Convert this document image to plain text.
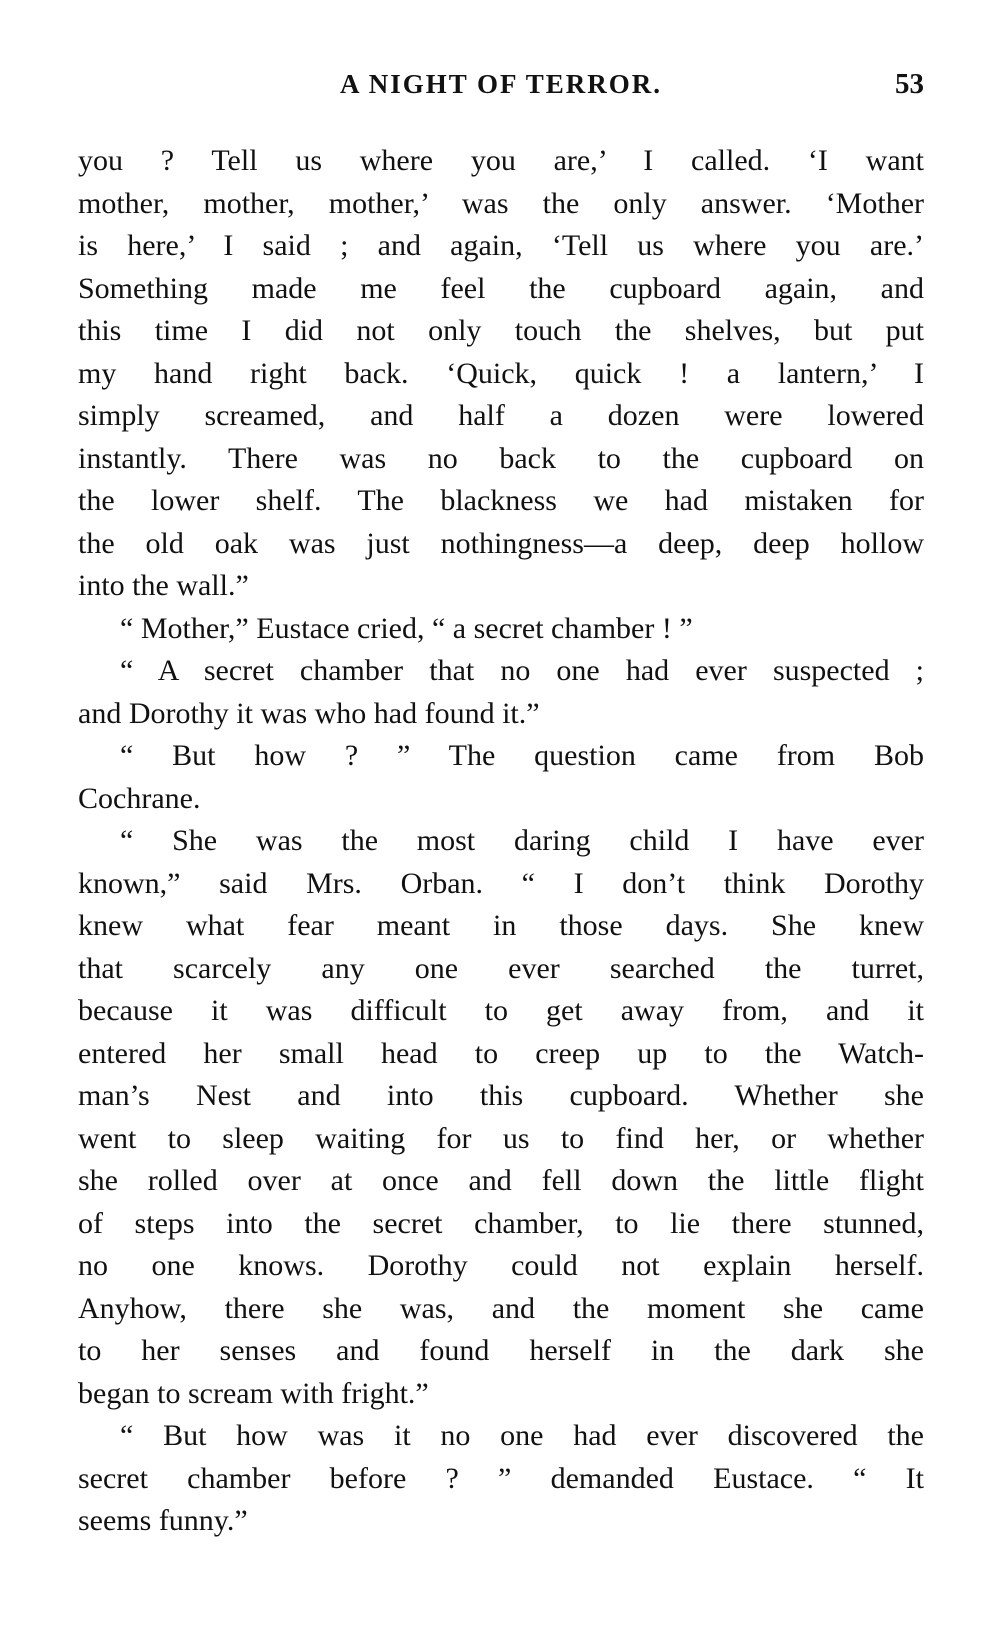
A NIGHT OF TERROR.	53
you ? Tell us where you are,’ I called. ‘I want
mother, mother, mother,’ was the only answer. ‘Mother
is here,’ I said ; and again, ‘Tell us where you are.’
Something made me feel the cupboard again, and
this time I did not only touch the shelves, but put
my hand right back. ‘Quick, quick ! a lantern,’ I
simply screamed, and half a dozen were lowered
instantly. There was no back to the cupboard on
the lower shelf. The blackness we had mistaken for
the old oak was just nothingness—a deep, deep hollow
into the wall.”
“ Mother,” Eustace cried, “ a secret chamber ! ”
“ A secret chamber that no one had ever suspected ;
and Dorothy it was who had found it.”
“ But how ? ” The question came from Bob
Cochrane.
“ She was the most daring child I have ever
known,” said Mrs. Orban. “ I don’t think Dorothy
knew what fear meant in those days. She knew
that scarcely any one ever searched the turret,
because it was difficult to get away from, and it
entered her small head to creep up to the Watch-
man’s Nest and into this cupboard. Whether she
went to sleep waiting for us to find her, or whether
she rolled over at once and fell down the little flight
of steps into the secret chamber, to lie there stunned,
no one knows. Dorothy could not explain herself.
Anyhow, there she was, and the moment she came
to her senses and found herself in the dark she
began to scream with fright.”
“ But how was it no one had ever discovered the
secret chamber before ? ” demanded Eustace. “ It
seems funny.”
